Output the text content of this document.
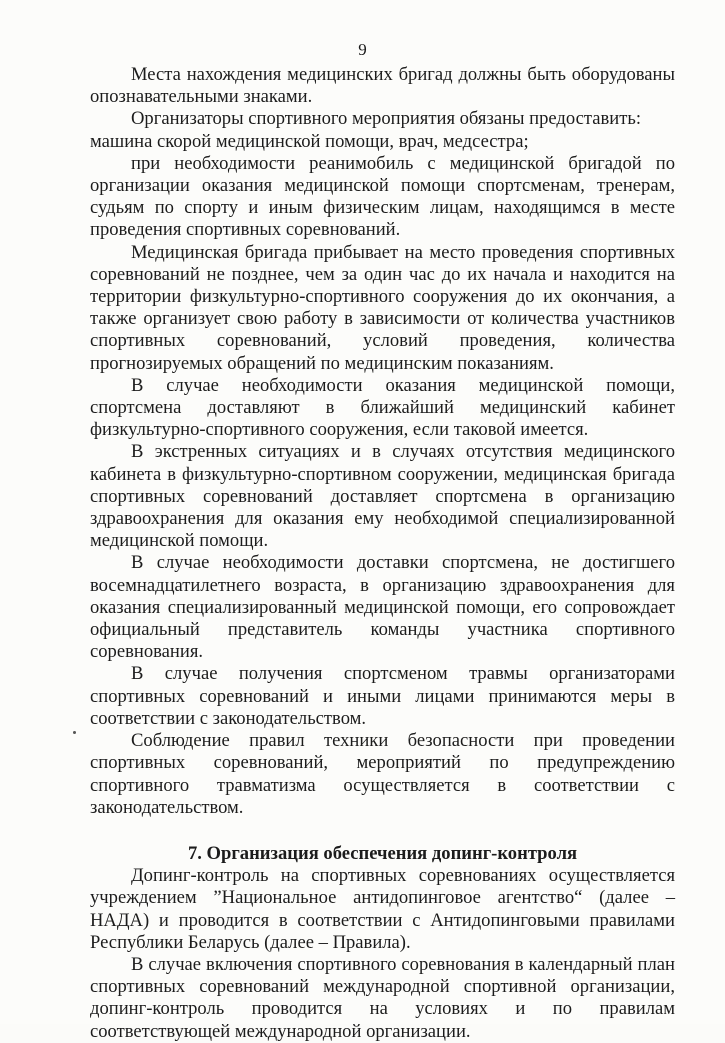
9

Места нахождения медицинских бригад должны быть оборудованы опознавательными знаками.

Организаторы спортивного мероприятия обязаны предоставить:

машина скорой медицинской помощи, врач, медсестра;

при необходимости реанимобиль с медицинской бригадой по организации оказания медицинской помощи спортсменам, тренерам, судьям по спорту и иным физическим лицам, находящимся в месте проведения спортивных соревнований.

Медицинская бригада прибывает на место проведения спортивных соревнований не позднее, чем за один час до их начала и находится на территории физкультурно-спортивного сооружения до их окончания, а также организует свою работу в зависимости от количества участников спортивных соревнований, условий проведения, количества прогнозируемых обращений по медицинским показаниям.

В случае необходимости оказания медицинской помощи, спортсмена доставляют в ближайший медицинский кабинет физкультурно-спортивного сооружения, если таковой имеется.

В экстренных ситуациях и в случаях отсутствия медицинского кабинета в физкультурно-спортивном сооружении, медицинская бригада спортивных соревнований доставляет спортсмена в организацию здравоохранения для оказания ему необходимой специализированной медицинской помощи.

В случае необходимости доставки спортсмена, не достигшего восемнадцатилетнего возраста, в организацию здравоохранения для оказания специализированный медицинской помощи, его сопровождает официальный представитель команды участника спортивного соревнования.

В случае получения спортсменом травмы организаторами спортивных соревнований и иными лицами принимаются меры в соответствии с законодательством.

Соблюдение правил техники безопасности при проведении спортивных соревнований, мероприятий по предупреждению спортивного травматизма осуществляется в соответствии с законодательством.

7. Организация обеспечения допинг-контроля

Допинг-контроль на спортивных соревнованиях осуществляется учреждением ”Национальное антидопинговое агентство“ (далее – НАДА) и проводится в соответствии с Антидопинговыми правилами Республики Беларусь (далее – Правила).

В случае включения спортивного соревнования в календарный план спортивных соревнований международной спортивной организации, допинг-контроль проводится на условиях и по правилам соответствующей международной организации.
